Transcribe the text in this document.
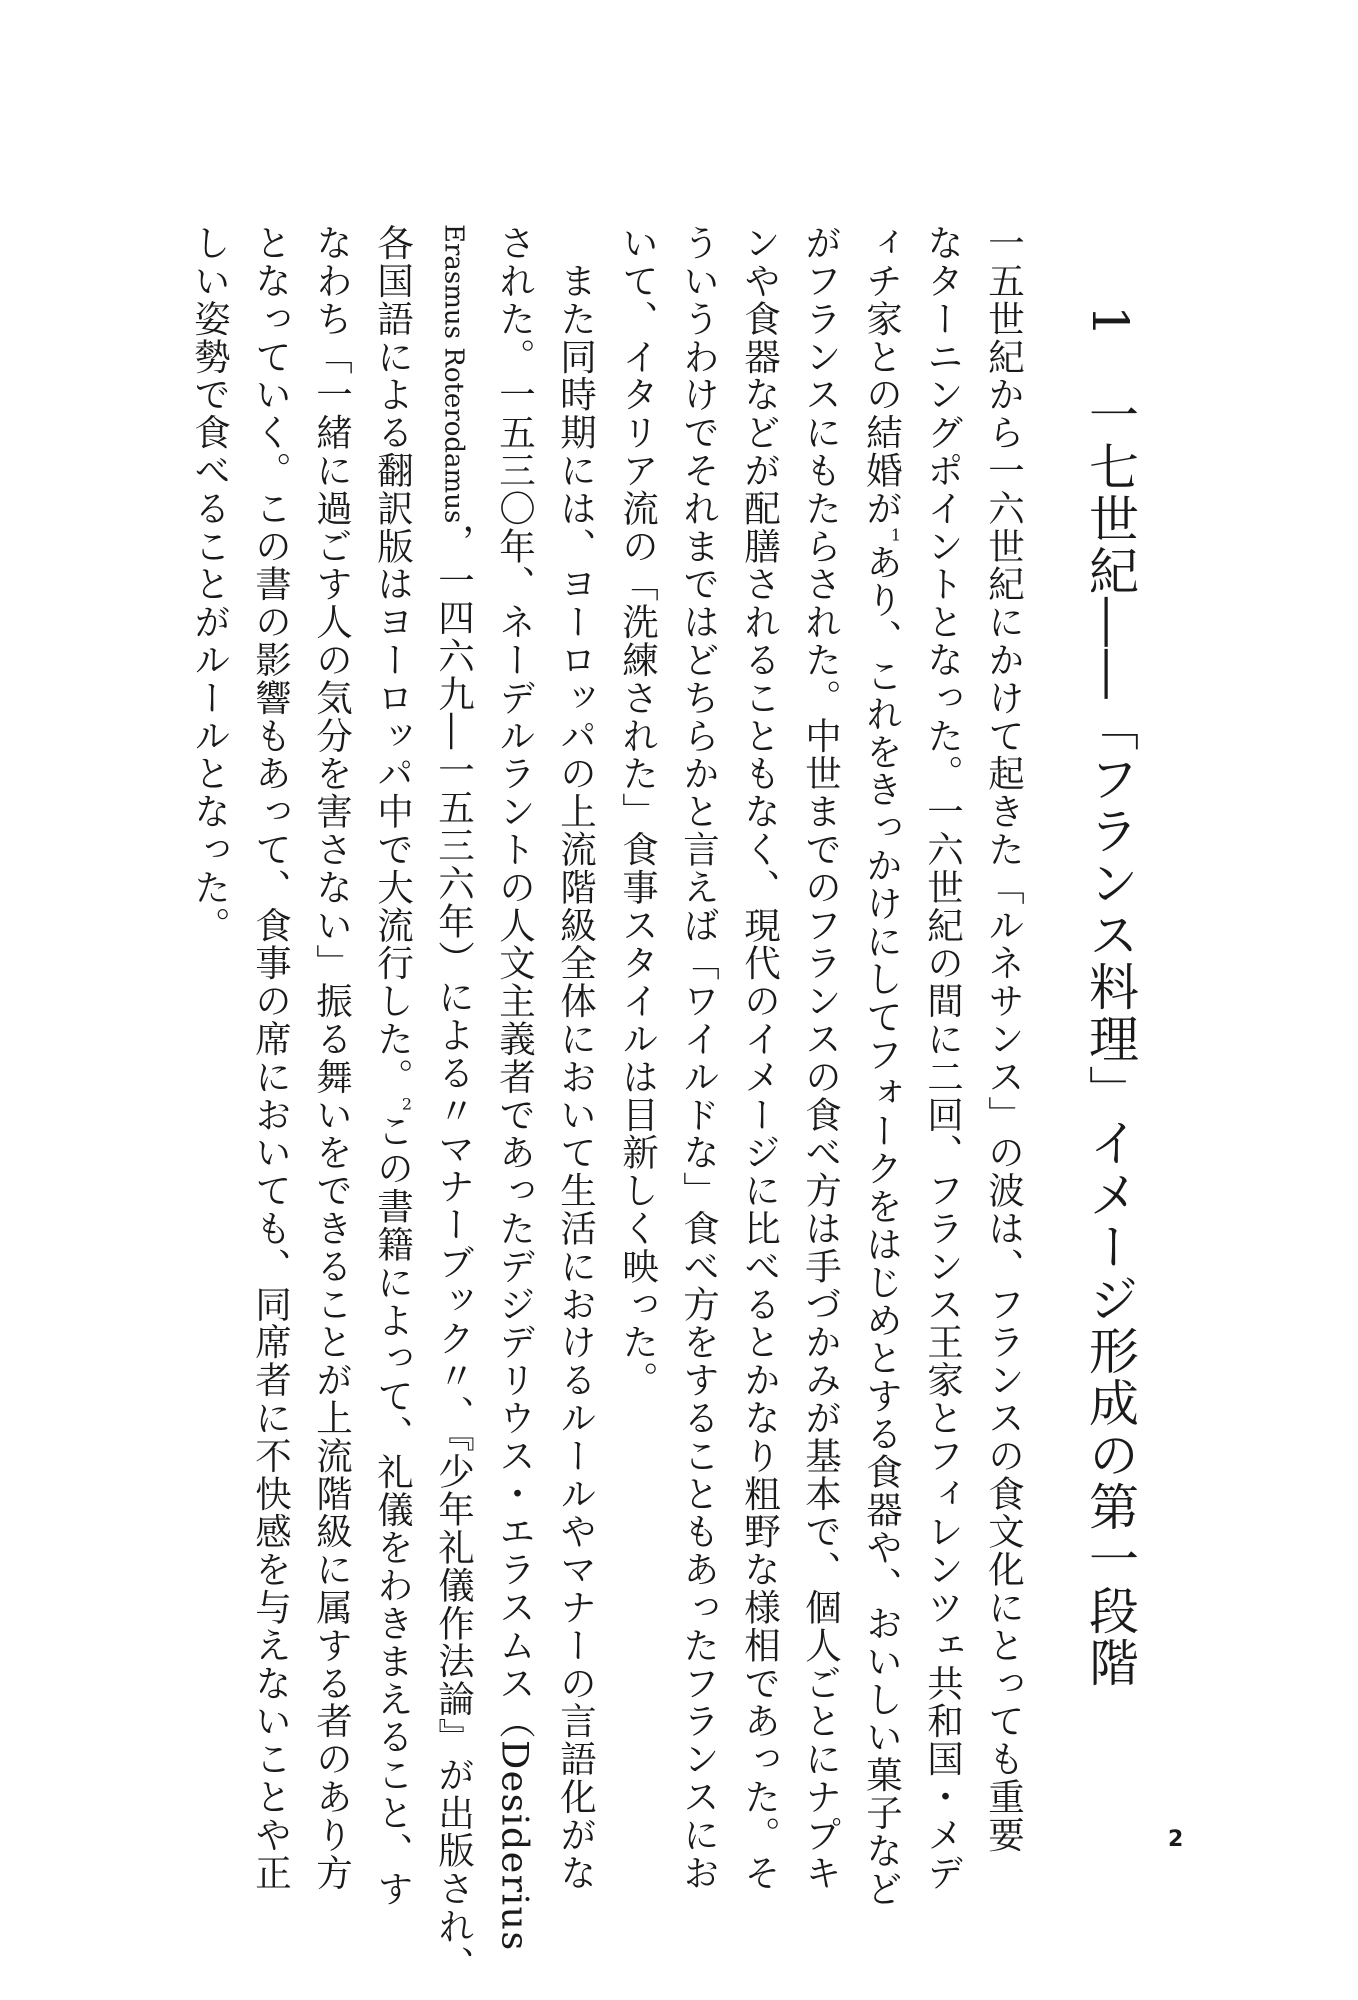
1一七世紀――「フランス料理」イメージ形成の第一段階
一五世紀から一六世紀にかけて起きた「ルネサンス」の波は、フランスの食文化にとっても重要
なターニングポイントとなった。一六世紀の間に二回、フランス王家とフィレンツェ共和国・メデ
ィチ家との結婚が1あり、これをきっかけにしてフォークをはじめとする食器や、おいしい菓子など
がフランスにもたらされた。中世までのフランスの食べ方は手づかみが基本で、個人ごとにナプキ
ンや食器などが配膳されることもなく、現代のイメージに比べるとかなり粗野な様相であった。そ
ういうわけでそれまではどちらかと言えば「ワイルドな」食べ方をすることもあったフランスにお
いて、イタリア流の「洗練された」食事スタイルは目新しく映った。
　また同時期には、ヨーロッパの上流階級全体において生活におけるルールやマナーの言語化がな
された。一五三〇年、ネーデルラントの人文主義者であったデジデリウス・エラスムス（Desiderius
Erasmus Roterodamus，一四六九―一五三六年）による〃マナーブック〃、『少年礼儀作法論』が出版され、
各国語による翻訳版はヨーロッパ中で大流行した。2この書籍によって、礼儀をわきまえること、す
なわち「一緒に過ごす人の気分を害さない」振る舞いをできることが上流階級に属する者のあり方
となっていく。この書の影響もあって、食事の席においても、同席者に不快感を与えないことや正
しい姿勢で食べることがルールとなった。
2
